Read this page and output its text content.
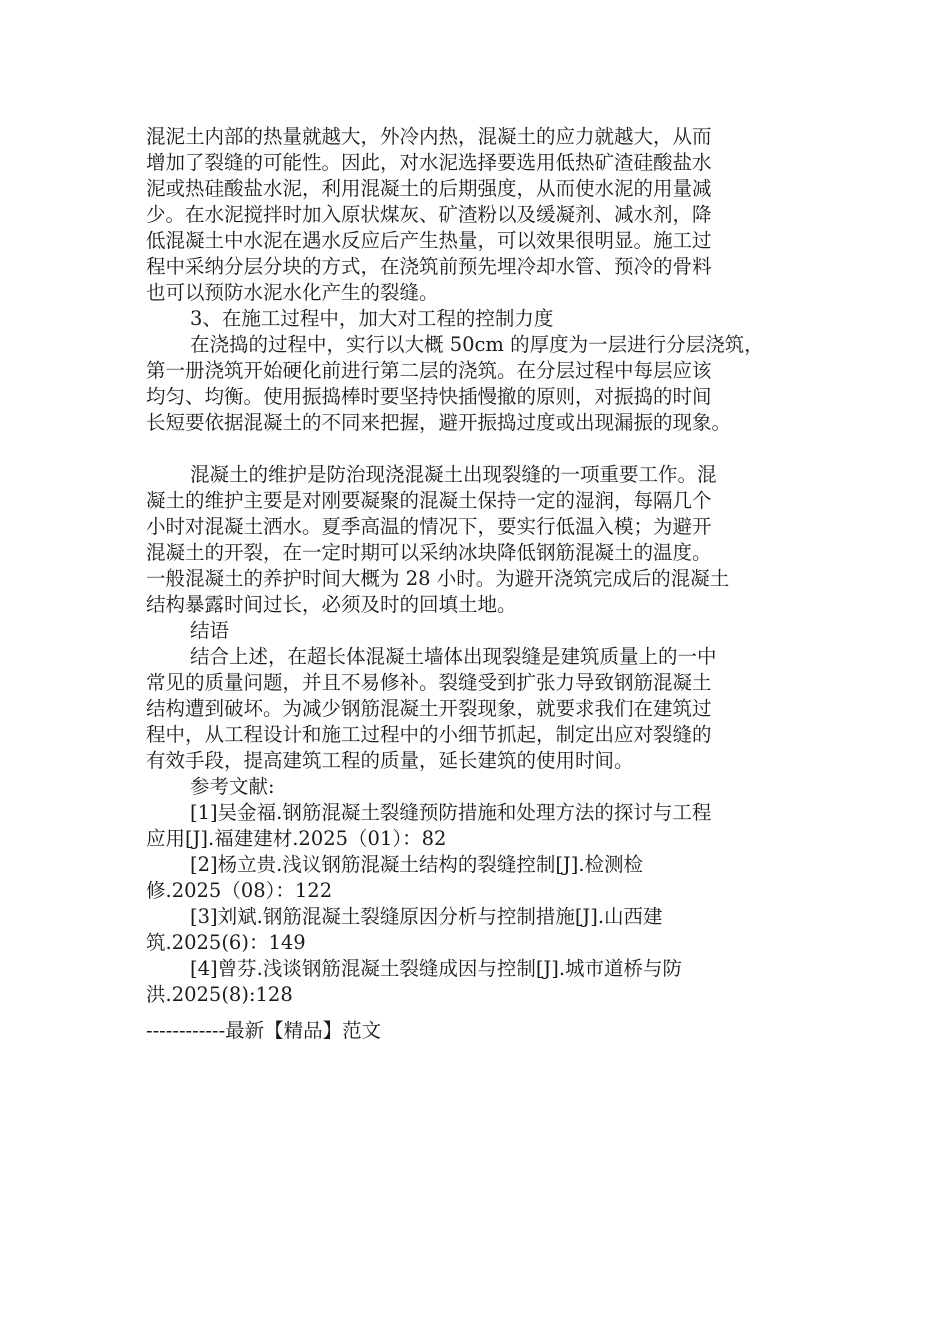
混泥土内部的热量就越大，外冷内热，混凝土的应力就越大，从而
增加了裂缝的可能性。因此，对水泥选择要选用低热矿渣硅酸盐水
泥或热硅酸盐水泥，利用混凝土的后期强度，从而使水泥的用量减
少。在水泥搅拌时加入原状煤灰、矿渣粉以及缓凝剂、减水剂，降
低混凝土中水泥在遇水反应后产生热量，可以效果很明显。施工过
程中采纳分层分块的方式，在浇筑前预先埋冷却水管、预冷的骨料
也可以预防水泥水化产生的裂缝。
3、在施工过程中，加大对工程的控制力度
在浇捣的过程中，实行以大概 50cm 的厚度为一层进行分层浇筑，
第一册浇筑开始硬化前进行第二层的浇筑。在分层过程中每层应该
均匀、均衡。使用振捣棒时要坚持快插慢撤的原则，对振捣的时间
长短要依据混凝土的不同来把握，避开振捣过度或出现漏振的现象。
混凝土的维护是防治现浇混凝土出现裂缝的一项重要工作。混
凝土的维护主要是对刚要凝聚的混凝土保持一定的湿润，每隔几个
小时对混凝土洒水。夏季高温的情况下，要实行低温入模；为避开
混凝土的开裂，在一定时期可以采纳冰块降低钢筋混凝土的温度。
一般混凝土的养护时间大概为 28 小时。为避开浇筑完成后的混凝土
结构暴露时间过长，必须及时的回填土地。
结语
结合上述，在超长体混凝土墙体出现裂缝是建筑质量上的一中
常见的质量问题，并且不易修补。裂缝受到扩张力导致钢筋混凝土
结构遭到破坏。为减少钢筋混凝土开裂现象，就要求我们在建筑过
程中，从工程设计和施工过程中的小细节抓起，制定出应对裂缝的
有效手段，提高建筑工程的质量，延长建筑的使用时间。
参考文献:
[1]吴金福.钢筋混凝土裂缝预防措施和处理方法的探讨与工程
应用[J].福建建材.2025（01）：82
[2]杨立贵.浅议钢筋混凝土结构的裂缝控制[J].检测检
修.2025（08）：122
[3]刘斌.钢筋混凝土裂缝原因分析与控制措施[J].山西建
筑.2025(6)：149
[4]曾芬.浅谈钢筋混凝土裂缝成因与控制[J].城市道桥与防
洪.2025(8):128
------------最新【精品】范文
